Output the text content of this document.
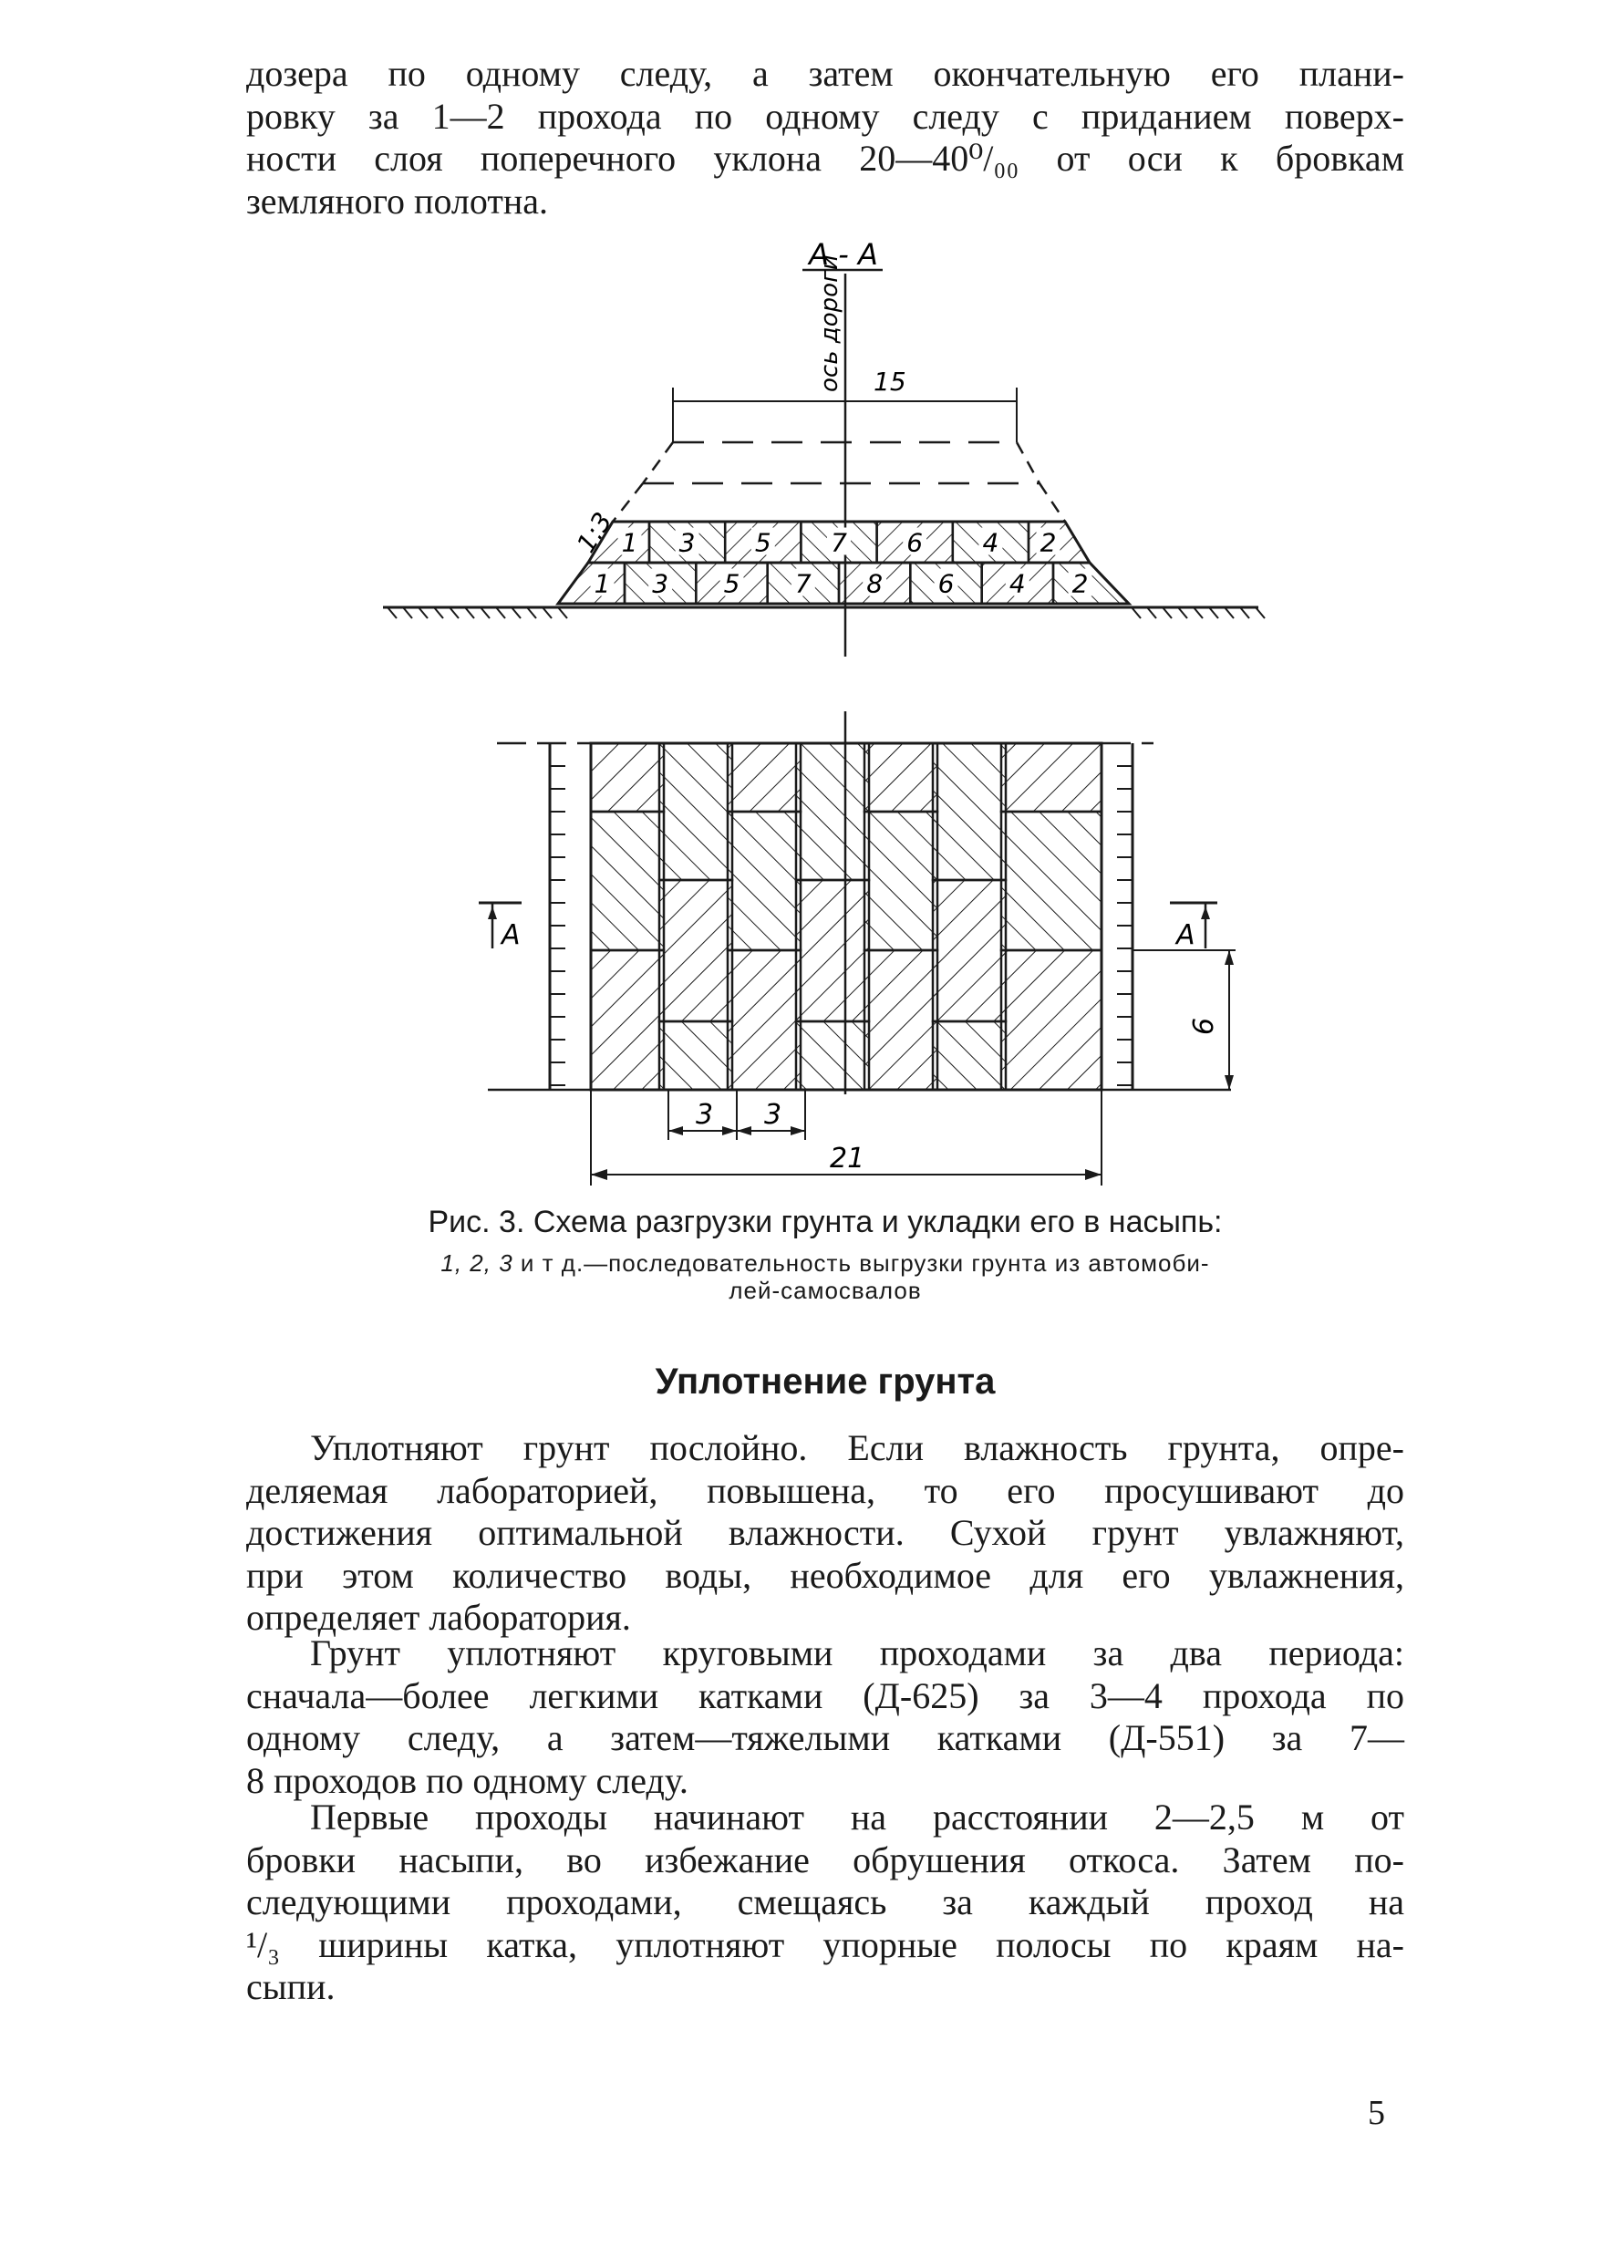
дозера по одному следу, а затем окончательную его плани-
ровку за 1—2 прохода по одному следу с приданием поверх-
ности слоя поперечного уклона 20—40⁰/₀₀ от оси к бровкам
земляного полотна.
А - А
ось дороги 15
1 3 5 7 6 4 2
1 3 5 7 8 6 4 2
1:3
А	А
6
3 3
21

Рис. 3. Схема разгрузки грунта и укладки его в насыпь:

1, 2, 3 и т д.—последовательность выгрузки грунта из автомоби-
лей-самосвалов

Уплотнение грунта

Уплотняют грунт послойно. Если влажность грунта, опре-
деляемая лабораторией, повышена, то его просушивают до
достижения оптимальной влажности. Сухой грунт увлажняют,
при этом количество воды, необходимое для его увлажнения,
определяет лаборатория.
Грунт уплотняют круговыми проходами за два периода:
сначала—более легкими катками (Д-625) за 3—4 прохода по
одному следу, а затем—тяжелыми катками (Д-551) за 7—
8 проходов по одному следу.
Первые проходы начинают на расстоянии 2—2,5 м от
бровки насыпи, во избежание обрушения откоса. Затем по-
следующими проходами, смещаясь за каждый проход на
¹/₃ ширины катка, уплотняют упорные полосы по краям на-
сыпи.

5
